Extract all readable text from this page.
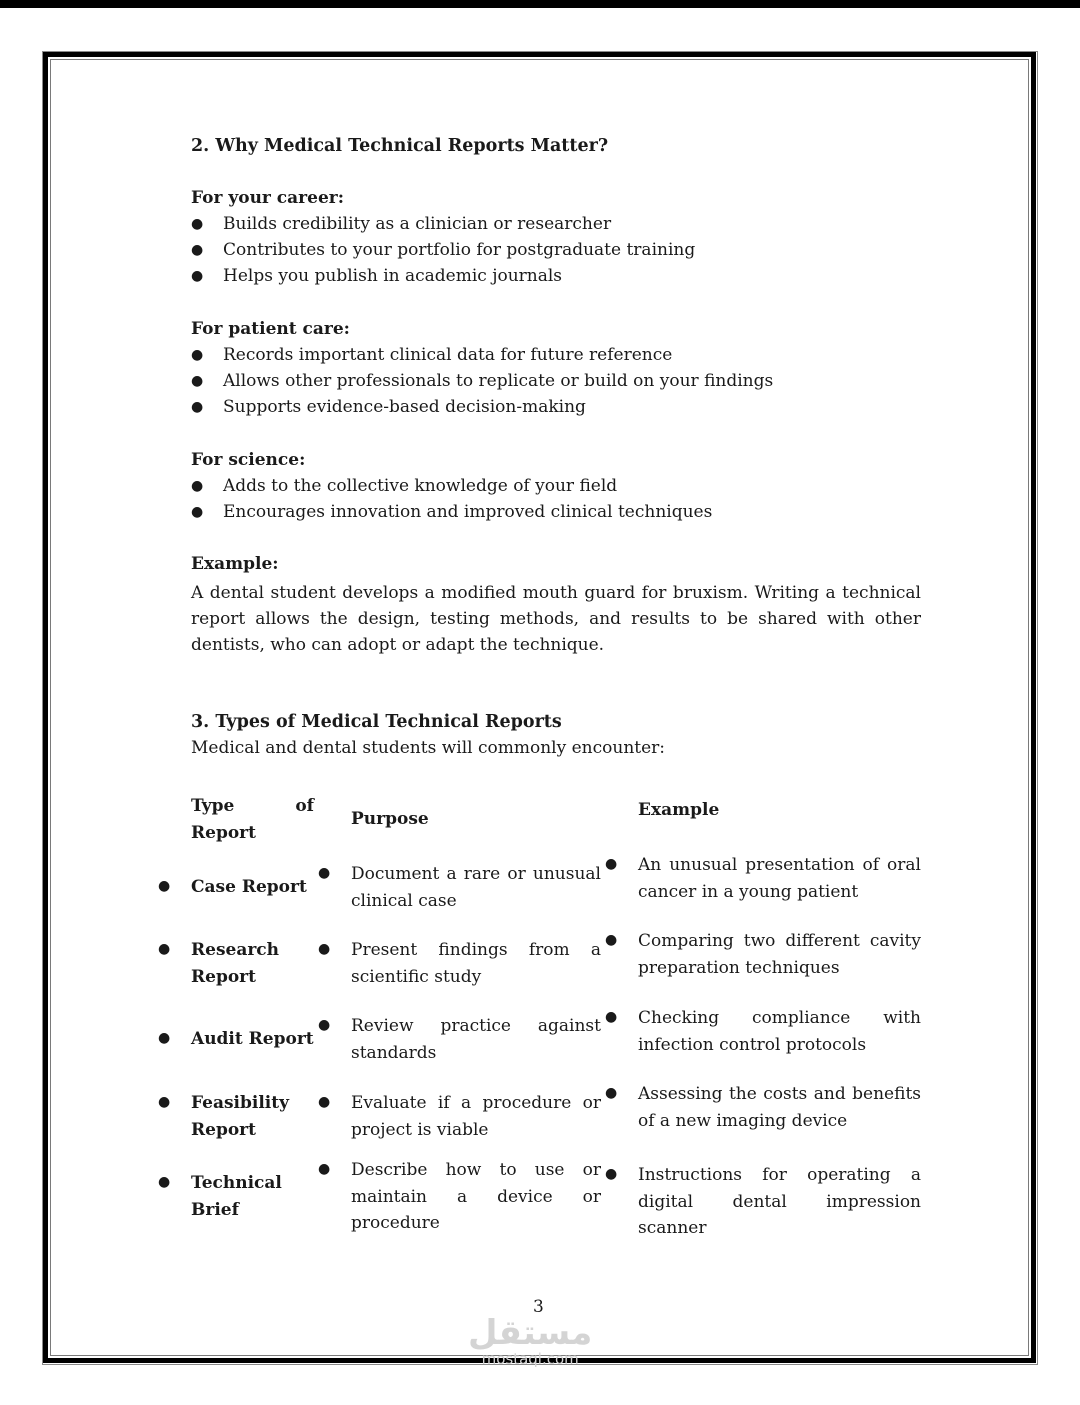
2. Why Medical Technical Reports Matter?
For your career:
● Builds credibility as a clinician or researcher
● Contributes to your portfolio for postgraduate training
● Helps you publish in academic journals
For patient care:
● Records important clinical data for future reference
● Allows other professionals to replicate or build on your findings
● Supports evidence-based decision-making
For science:
● Adds to the collective knowledge of your field
● Encourages innovation and improved clinical techniques
Example:
A dental student develops a modified mouth guard for bruxism. Writing a technical report allows the design, testing methods, and results to be shared with other dentists, who can adopt or adapt the technique.
3. Types of Medical Technical Reports
Medical and dental students will commonly encounter:
Type of Report
Purpose	Example
● Case Report
● Document a rare or unusual clinical case
● An unusual presentation of oral cancer in a young patient
● Research Report
● Present findings from a scientific study
● Comparing two different cavity preparation techniques
● Audit Report
● Review practice against standards
● Checking compliance with infection control protocols
● Feasibility Report
● Evaluate if a procedure or project is viable
● Assessing the costs and benefits of a new imaging device
● Technical Brief
● Describe how to use or maintain a device or procedure
● Instructions for operating a digital dental impression scanner
3
مستقل
mostaql.com
